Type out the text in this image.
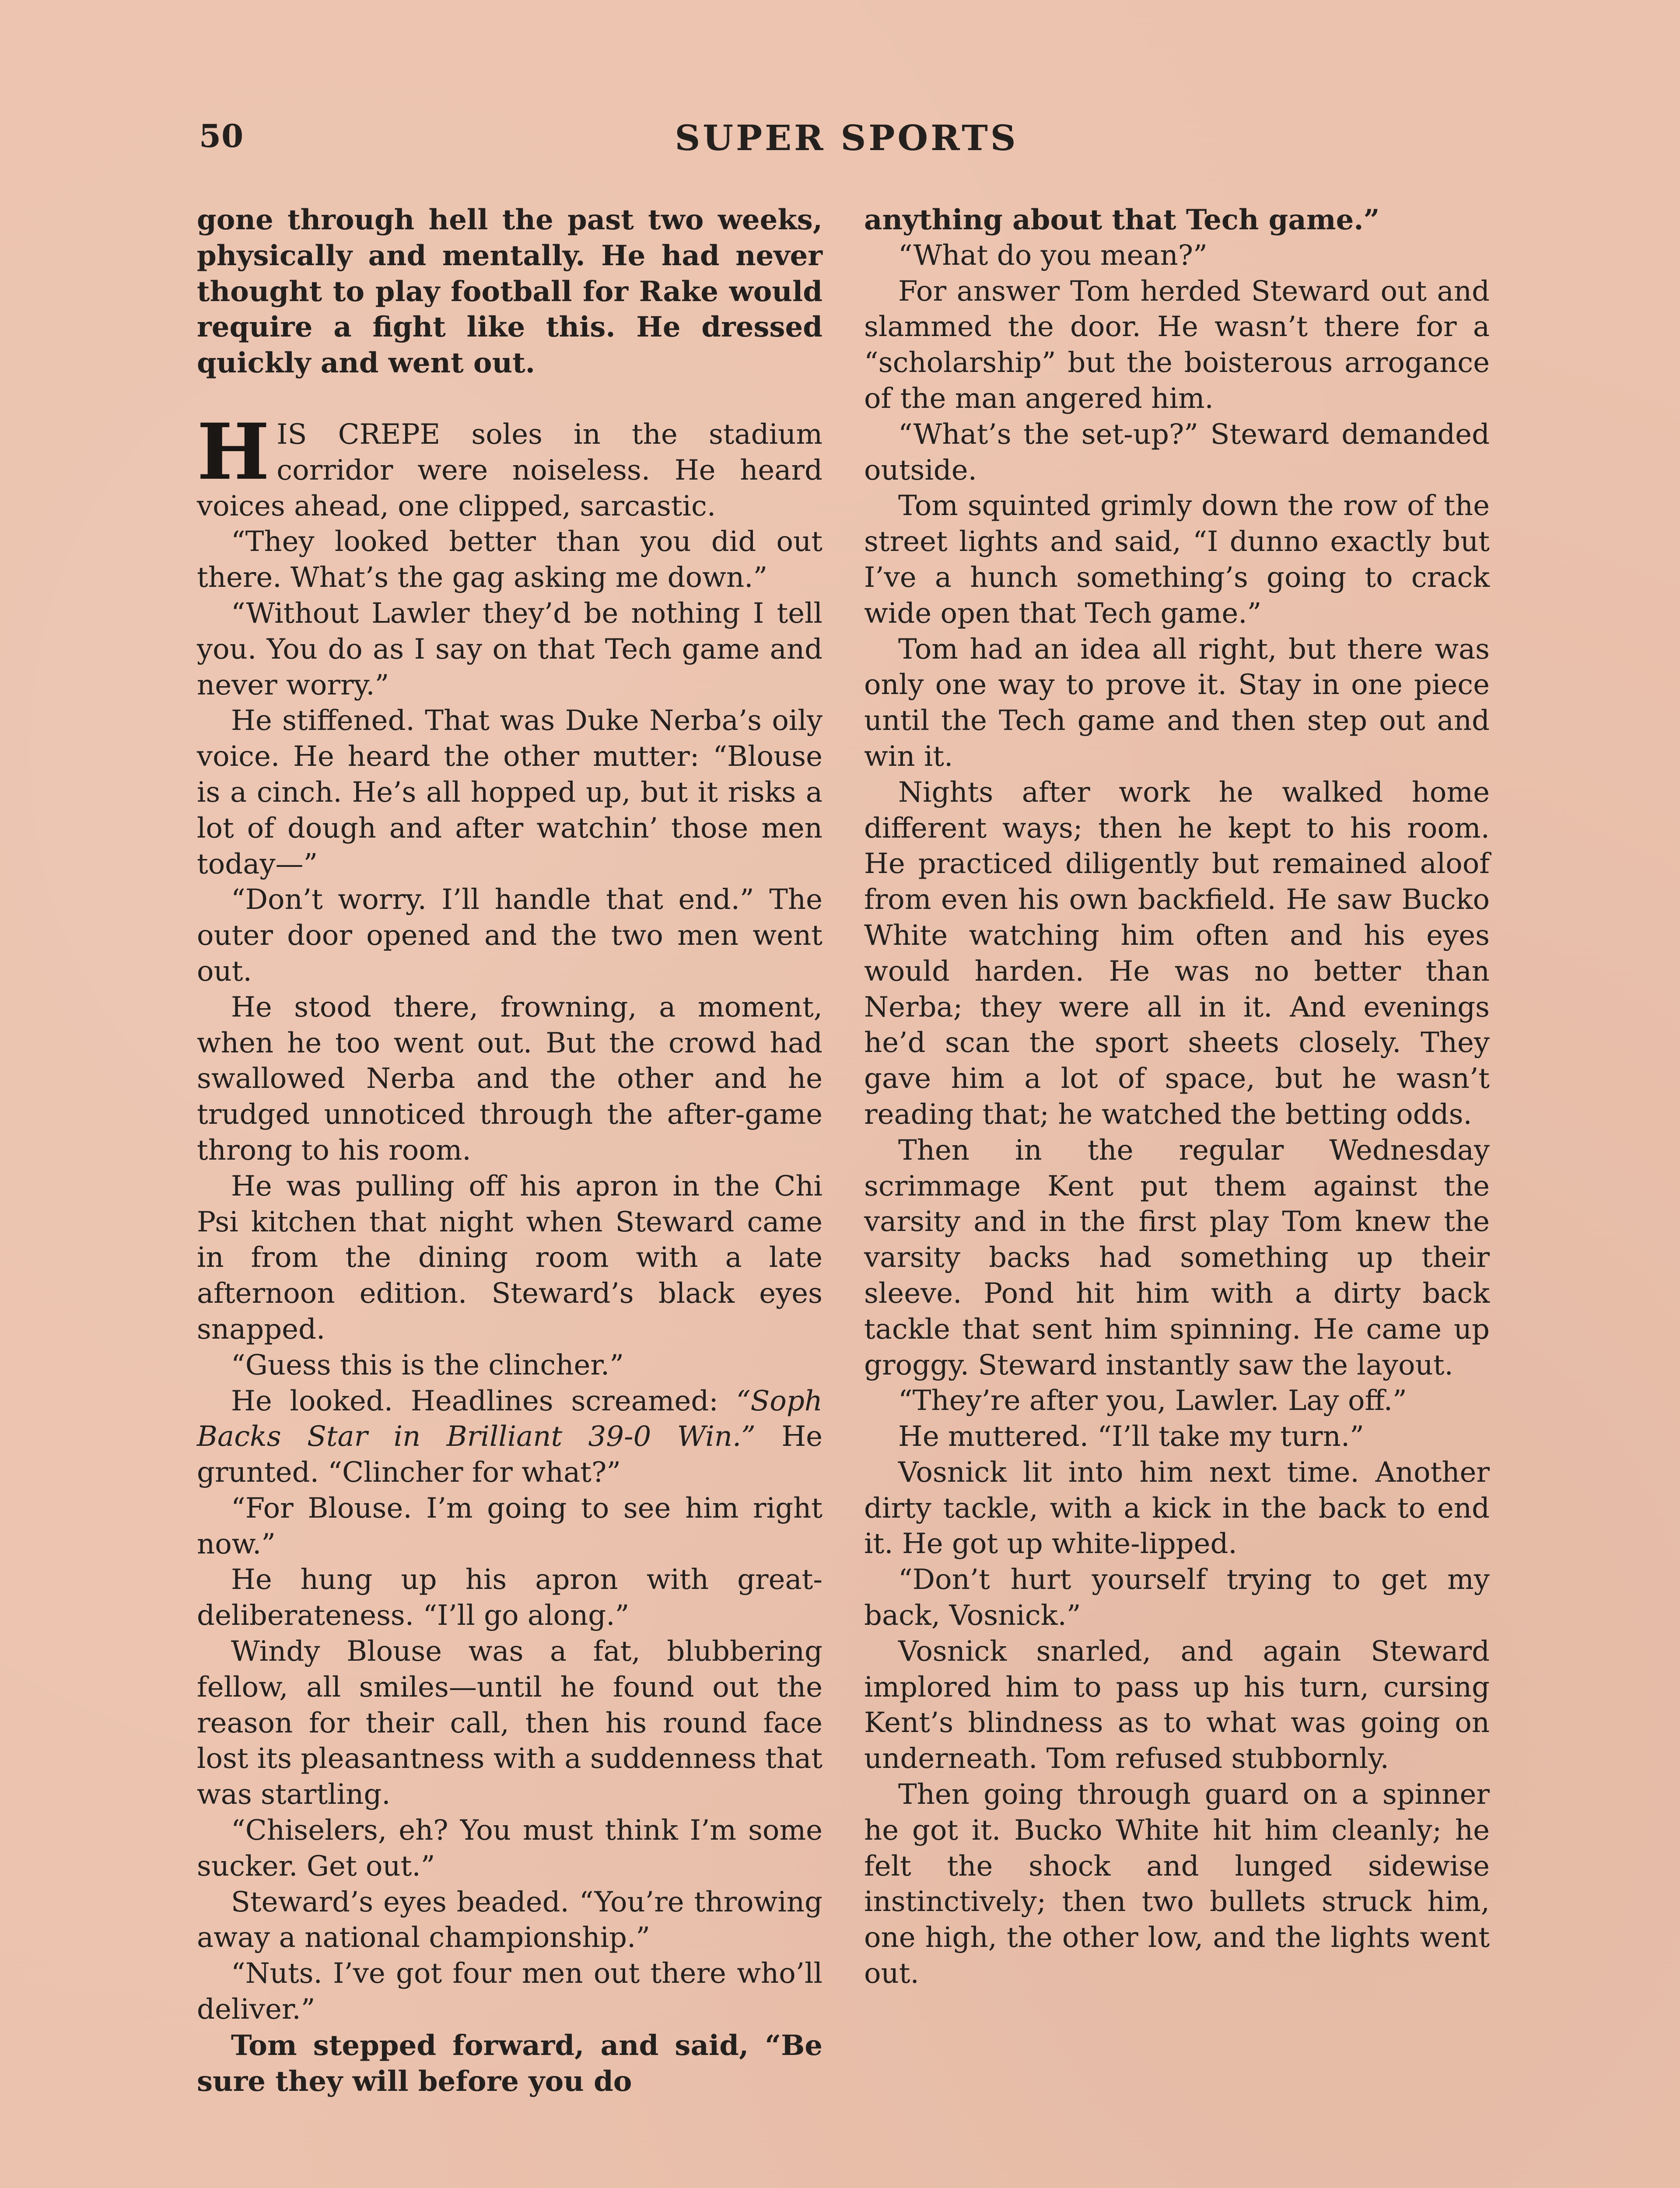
50	SUPER SPORTS

gone through hell the past two weeks, physically and mentally. He had never thought to play football for Rake would require a fight like this. He dressed quickly and went out.

HIS CREPE soles in the stadium corridor were noiseless. He heard voices ahead, one clipped, sarcastic.

“They looked better than you did out there. What’s the gag asking me down.”

“Without Lawler they’d be nothing I tell you. You do as I say on that Tech game and never worry.”

He stiffened. That was Duke Nerba’s oily voice. He heard the other mutter: “Blouse is a cinch. He’s all hopped up, but it risks a lot of dough and after watchin’ those men today—”

“Don’t worry. I’ll handle that end.” The outer door opened and the two men went out.

He stood there, frowning, a moment, when he too went out. But the crowd had swallowed Nerba and the other and he trudged unnoticed through the after-game throng to his room.

He was pulling off his apron in the Chi Psi kitchen that night when Steward came in from the dining room with a late afternoon edition. Steward’s black eyes snapped.

“Guess this is the clincher.”

He looked. Headlines screamed: “Soph Backs Star in Brilliant 39-0 Win.” He grunted. “Clincher for what?”

“For Blouse. I’m going to see him right now.”

He hung up his apron with great-deliberateness. “I’ll go along.”

Windy Blouse was a fat, blubbering fellow, all smiles—until he found out the reason for their call, then his round face lost its pleasantness with a suddenness that was startling.

“Chiselers, eh? You must think I’m some sucker. Get out.”

Steward’s eyes beaded. “You’re throwing away a national championship.”

“Nuts. I’ve got four men out there who’ll deliver.”

Tom stepped forward, and said, “Be sure they will before you do

anything about that Tech game.”

“What do you mean?”

For answer Tom herded Steward out and slammed the door. He wasn’t there for a “scholarship” but the boisterous arrogance of the man angered him.

“What’s the set-up?” Steward demanded outside.

Tom squinted grimly down the row of the street lights and said, “I dunno exactly but I’ve a hunch something’s going to crack wide open that Tech game.”

Tom had an idea all right, but there was only one way to prove it. Stay in one piece until the Tech game and then step out and win it.

Nights after work he walked home different ways; then he kept to his room. He practiced diligently but remained aloof from even his own backfield. He saw Bucko White watching him often and his eyes would harden. He was no better than Nerba; they were all in it. And evenings he’d scan the sport sheets closely. They gave him a lot of space, but he wasn’t reading that; he watched the betting odds.

Then in the regular Wednesday scrimmage Kent put them against the varsity and in the first play Tom knew the varsity backs had something up their sleeve. Pond hit him with a dirty back tackle that sent him spinning. He came up groggy. Steward instantly saw the layout.

“They’re after you, Lawler. Lay off.”

He muttered. “I’ll take my turn.”

Vosnick lit into him next time. Another dirty tackle, with a kick in the back to end it. He got up white-lipped.

“Don’t hurt yourself trying to get my back, Vosnick.”

Vosnick snarled, and again Steward implored him to pass up his turn, cursing Kent’s blindness as to what was going on underneath. Tom refused stubbornly.

Then going through guard on a spinner he got it. Bucko White hit him cleanly; he felt the shock and lunged sidewise instinctively; then two bullets struck him, one high, the other low, and the lights went out.
